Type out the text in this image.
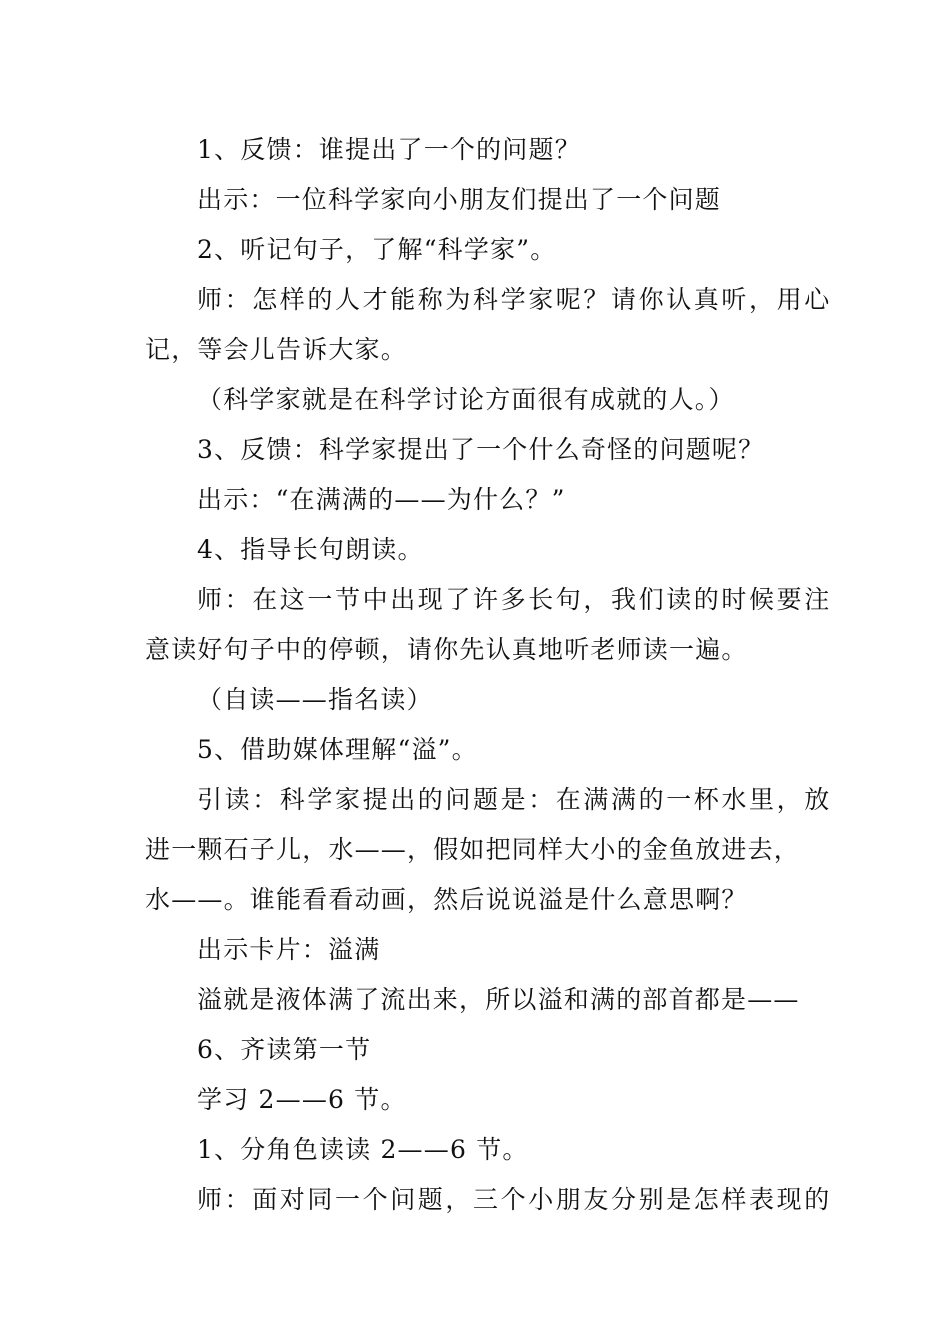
1、反馈：谁提出了一个的问题？

出示：一位科学家向小朋友们提出了一个问题

2、听记句子，了解“科学家”。

师：怎样的人才能称为科学家呢？请你认真听，用心

记，等会儿告诉大家。

（科学家就是在科学讨论方面很有成就的人。）

3、反馈：科学家提出了一个什么奇怪的问题呢？

出示：“在满满的——为什么？”

4、指导长句朗读。

师：在这一节中出现了许多长句，我们读的时候要注

意读好句子中的停顿，请你先认真地听老师读一遍。

（自读——指名读）

5、借助媒体理解“溢”。

引读：科学家提出的问题是：在满满的一杯水里，放

进一颗石子儿，水——，假如把同样大小的金鱼放进去，

水——。谁能看看动画，然后说说溢是什么意思啊？

出示卡片：溢满

溢就是液体满了流出来，所以溢和满的部首都是——

6、齐读第一节

学习 2——6 节。

1、分角色读读 2——6 节。

师：面对同一个问题，三个小朋友分别是怎样表现的
